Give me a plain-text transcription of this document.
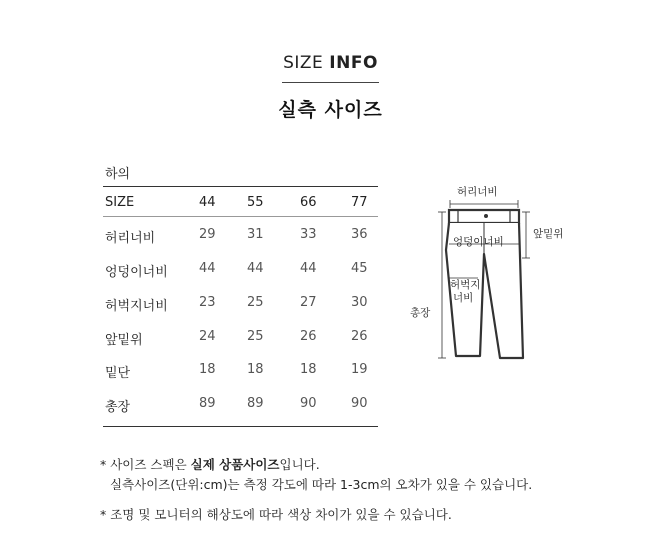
SIZE INFO
실측 사이즈
하의
SIZE	44	55	66	77
허리너비	29	31	33	36
엉덩이너비 44	44	44	45
허벅지너비 23	25	27	30
앞밑위	24	25	26	26
밑단	18	18	18	19
총장	89	89	90	90
허리너비
앞밑위
엉덩이너비
허벅지
너비
총장
* 사이즈 스펙은 실제 상품사이즈입니다.
실측사이즈(단위:cm)는 측정 각도에 따라 1-3cm의 오차가 있을 수 있습니다.
* 조명 및 모니터의 해상도에 따라 색상 차이가 있을 수 있습니다.
